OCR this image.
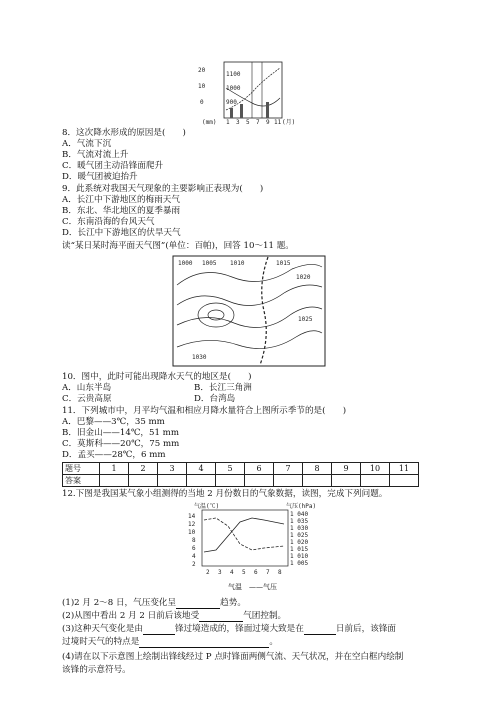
20
10
0
1100
1000
900
(mm) 1 3 5 7 9 11 (月)
8．这次降水形成的原因是(　　)
A．气流下沉
B．气流对流上升
C．暖气团主动沿锋面爬升
D．暖气团被迫抬升
9．此系统对我国天气现象的主要影响正表现为(　　)
A．长江中下游地区的梅雨天气
B．东北、华北地区的夏季暴雨
C．东南沿海的台风天气
D．长江中下游地区的伏旱天气
读“某日某时海平面天气图”(单位：百帕)，回答 10～11 题。
1000 1005 1010	1015
1020
1025
1030
10．图中，此时可能出现降水天气的地区是(　　)
A．山东半岛	B．长江三角洲
C．云贵高原	D．台湾岛
11．下列城市中，月平均气温和相应月降水量符合上图所示季节的是(　　)
A．巴黎——3℃，35 mm
B．旧金山——14℃，51 mm
C．莫斯科——20℃，75 mm
D．孟买——28℃，6 mm
题号	1	2	3	4	5	6	7	8	9	10	11
答案											
12.下图是我国某气象小组测得的当地 2 月份数日的气象数据，读图，完成下列问题。
气温(℃)	气压(hPa)
14
12
10
8
6
4
2
1 040
1 035
1 030
1 025
1 020
1 015
1 010
1 005
2 3 4 5 6 7 8
气温　——气压
(1)2 月 2～8 日，气压变化呈	趋势。
(2)从图中看出 2 月 2 日前后该地受	气团控制。
(3)这种天气变化是由	锋过境造成的，锋面过境大致是在	日前后，该锋面
过境时天气的特点是	。
(4)请在以下示意图上绘制出锋线经过 P 点时锋面两侧气流、天气状况，并在空白框内绘制
该锋的示意符号。
